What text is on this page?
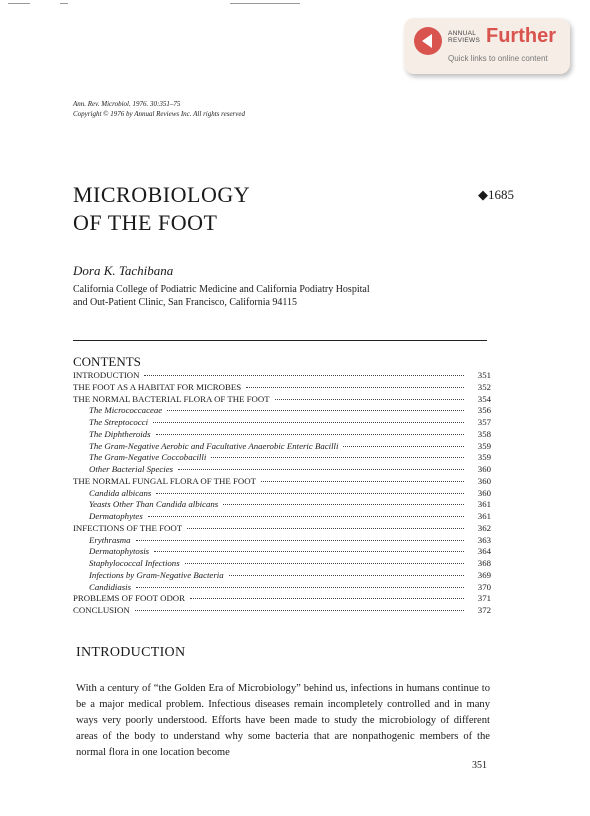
ANNUAL
REVIEWS Further
Quick links to online content
Ann. Rev. Microbiol. 1976. 30:351–75
Copyright © 1976 by Annual Reviews Inc. All rights reserved
MICROBIOLOGY
OF THE FOOT
◆1685
Dora K. Tachibana
California College of Podiatric Medicine and California Podiatry Hospital
and Out-Patient Clinic, San Francisco, California 94115
CONTENTS
INTRODUCTION	351
THE FOOT AS A HABITAT FOR MICROBES	352
THE NORMAL BACTERIAL FLORA OF THE FOOT	354
The Micrococcaceae	356
The Streptococci	357
The Diphtheroids	358
The Gram-Negative Aerobic and Facultative Anaerobic Enteric Bacilli	359
The Gram-Negative Coccobacilli	359
Other Bacterial Species	360
THE NORMAL FUNGAL FLORA OF THE FOOT	360
Candida albicans	360
Yeasts Other Than Candida albicans	361
Dermatophytes	361
INFECTIONS OF THE FOOT	362
Erythrasma	363
Dermatophytosis	364
Staphylococcal Infections	368
Infections by Gram-Negative Bacteria	369
Candidiasis	370
PROBLEMS OF FOOT ODOR	371
CONCLUSION	372
INTRODUCTION

With a century of “the Golden Era of Microbiology” behind us, infections in humans continue to be a major medical problem. Infectious diseases remain incompletely controlled and in many ways very poorly understood. Efforts have been made to study the microbiology of different areas of the body to understand why some bacteria that are nonpathogenic members of the normal flora in one location become

351
